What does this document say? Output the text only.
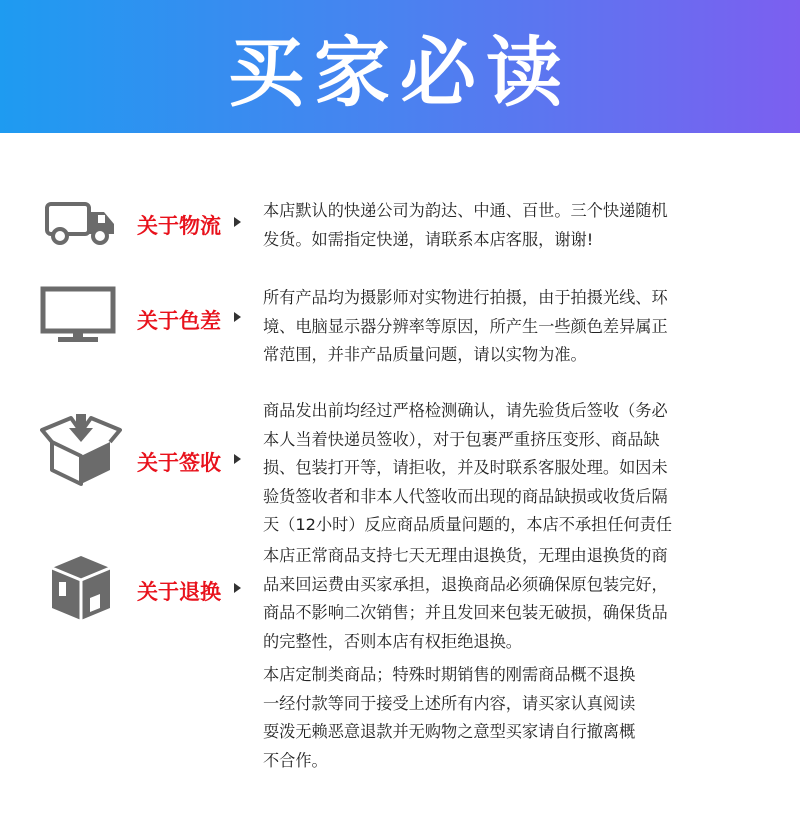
买家必读
关于物流
本店默认的快递公司为韵达、中通、百世。三个快递随机
发货。如需指定快递，请联系本店客服，谢谢!
关于色差
所有产品均为摄影师对实物进行拍摄，由于拍摄光线、环
境、电脑显示器分辨率等原因，所产生一些颜色差异属正
常范围，并非产品质量问题，请以实物为准。
关于签收
商品发出前均经过严格检测确认，请先验货后签收（务必
本人当着快递员签收），对于包裹严重挤压变形、商品缺
损、包装打开等，请拒收，并及时联系客服处理。如因未
验货签收者和非本人代签收而出现的商品缺损或收货后隔
天（12小时）反应商品质量问题的，本店不承担任何责任
关于退换
本店正常商品支持七天无理由退换货，无理由退换货的商
品来回运费由买家承担，退换商品必须确保原包装完好，
商品不影响二次销售；并且发回来包装无破损，确保货品
的完整性，否则本店有权拒绝退换。
本店定制类商品；特殊时期销售的刚需商品概不退换
一经付款等同于接受上述所有内容，请买家认真阅读
耍泼无赖恶意退款并无购物之意型买家请自行撤离概
不合作。
